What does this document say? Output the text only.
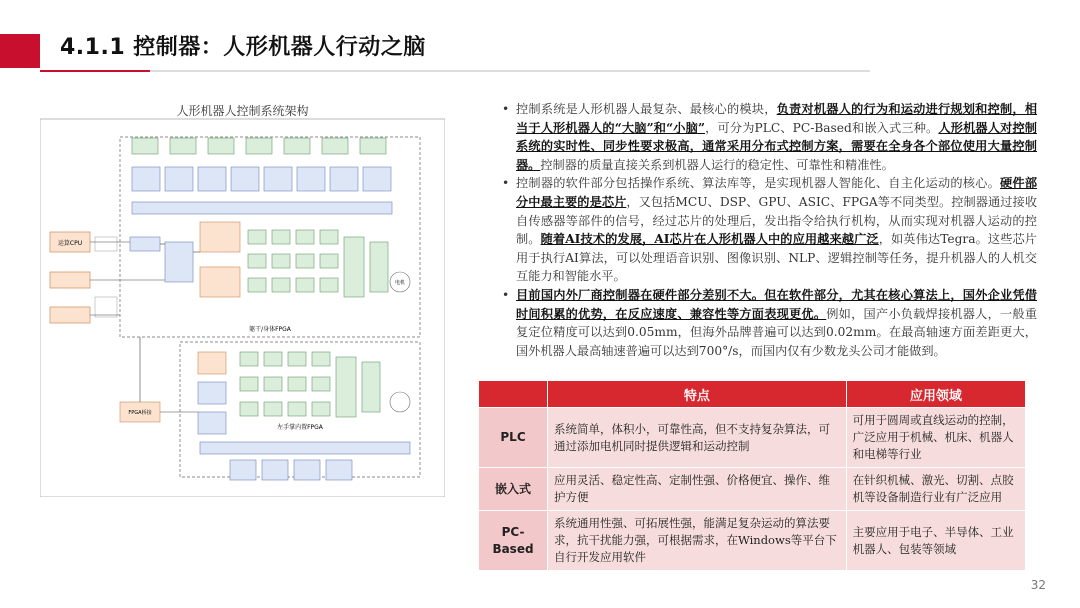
4.1.1 控制器：人形机器人行动之脑
人形机器人控制系统架构
运算CPU
电机
躯干/身体FPGA
左手掌内置FPGA
FPGA桥接

• 控制系统是人形机器人最复杂、最核心的模块，负责对机器人的行为和运动进行规划和控制，相当于人形机器人的“大脑”和“小脑”，可分为PLC、PC-Based和嵌入式三种。人形机器人对控制系统的实时性、同步性要求极高，通常采用分布式控制方案，需要在全身各个部位使用大量控制器。控制器的质量直接关系到机器人运行的稳定性、可靠性和精准性。

• 控制器的软件部分包括操作系统、算法库等，是实现机器人智能化、自主化运动的核心。硬件部分中最主要的是芯片，又包括MCU、DSP、GPU、ASIC、FPGA等不同类型。控制器通过接收自传感器等部件的信号，经过芯片的处理后，发出指令给执行机构，从而实现对机器人运动的控制。随着AI技术的发展，AI芯片在人形机器人中的应用越来越广泛，如英伟达Tegra。这些芯片用于执行AI算法，可以处理语音识别、图像识别、NLP、逻辑控制等任务，提升机器人的人机交互能力和智能水平。

• 目前国内外厂商控制器在硬件部分差别不大。但在软件部分，尤其在核心算法上，国外企业凭借时间积累的优势，在反应速度、兼容性等方面表现更优。例如，国产小负载焊接机器人，一般重复定位精度可以达到0.05mm，但海外品牌普遍可以达到0.02mm。在最高轴速方面差距更大，国外机器人最高轴速普遍可以达到700°/s，而国内仅有少数龙头公司才能做到。

	特点	应用领域
PLC	系统简单，体积小，可靠性高，但不支持复杂算法，可通过添加电机同时提供逻辑和运动控制	可用于圆周或直线运动的控制，广泛应用于机械、机床、机器人和电梯等行业
嵌入式	应用灵活、稳定性高、定制性强、价格便宜、操作、维护方便	在针织机械、激光、切割、点胶机等设备制造行业有广泛应用
PC-Based	系统通用性强、可拓展性强，能满足复杂运动的算法要求，抗干扰能力强，可根据需求，在Windows等平台下自行开发应用软件	主要应用于电子、半导体、工业机器人、包装等领域
32
